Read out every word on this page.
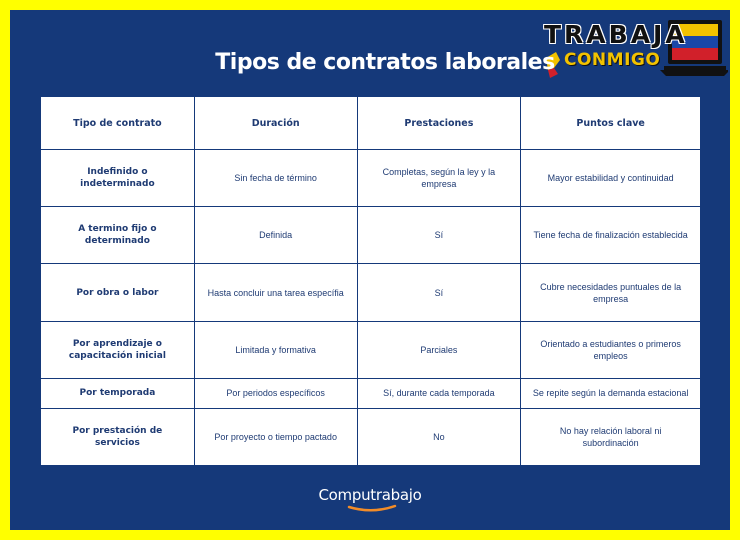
TRABAJA
CONMIGO
Tipos de contratos laborales
Tipo de contrato	Duración	Prestaciones	Puntos clave
Indefinido o indeterminado	Sin fecha de término	Completas, según la ley y la empresa	Mayor estabilidad y continuidad
A termino fijo o determinado	Definida	Sí	Tiene fecha de finalización establecida
Por obra o labor	Hasta concluir una tarea específia	Sí	Cubre necesidades puntuales de la empresa
Por aprendizaje o capacitación inicial	Limitada y formativa	Parciales	Orientado a estudiantes o primeros empleos
Por temporada	Por periodos específicos	Sí, durante cada temporada	Se repite según la demanda estacional
Por prestación de servicios	Por proyecto o tiempo pactado	No	No hay relación laboral ni subordinación
Computrabajo
